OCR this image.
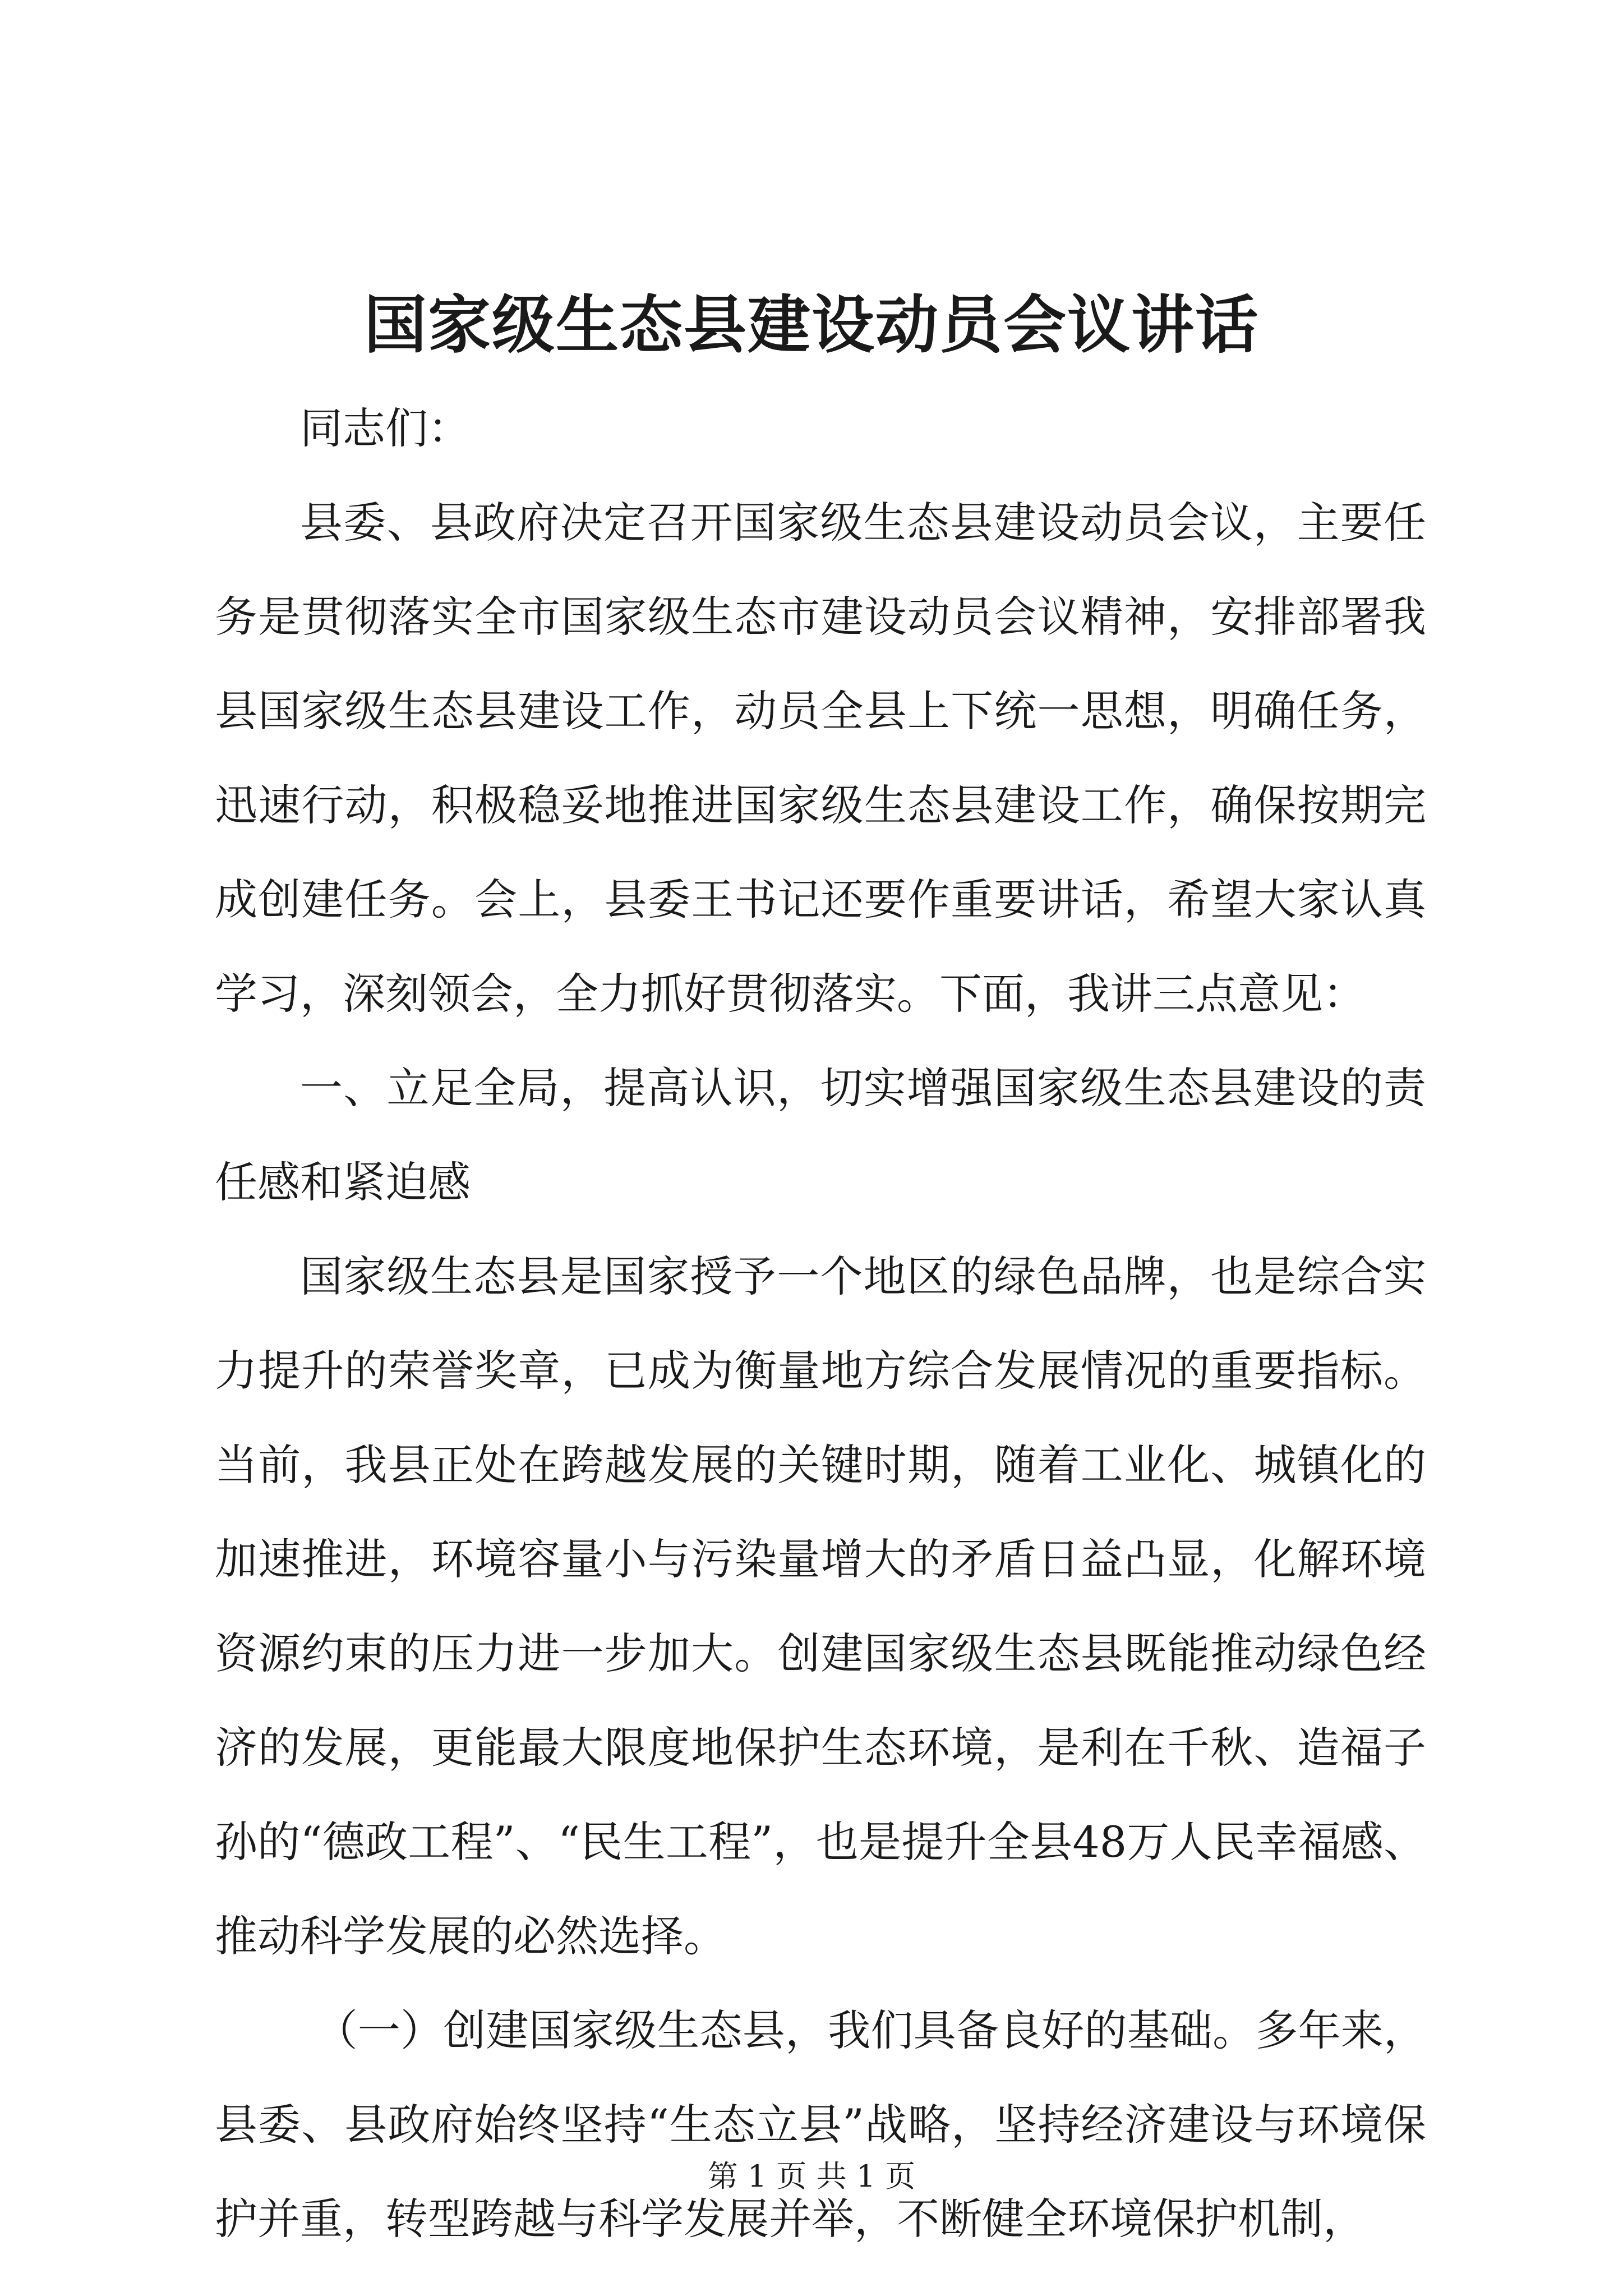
国家级生态县建设动员会议讲话

同志们：

县委、县政府决定召开国家级生态县建设动员会议，主要任务是贯彻落实全市国家级生态市建设动员会议精神，安排部署我县国家级生态县建设工作，动员全县上下统一思想，明确任务，迅速行动，积极稳妥地推进国家级生态县建设工作，确保按期完成创建任务。会上，县委王书记还要作重要讲话，希望大家认真学习，深刻领会，全力抓好贯彻落实。下面，我讲三点意见：

一、立足全局，提高认识，切实增强国家级生态县建设的责任感和紧迫感

国家级生态县是国家授予一个地区的绿色品牌，也是综合实力提升的荣誉奖章，已成为衡量地方综合发展情况的重要指标。当前，我县正处在跨越发展的关键时期，随着工业化、城镇化的加速推进，环境容量小与污染量增大的矛盾日益凸显，化解环境资源约束的压力进一步加大。创建国家级生态县既能推动绿色经济的发展，更能最大限度地保护生态环境，是利在千秋、造福子孙的“德政工程”、“民生工程”，也是提升全县48万人民幸福感、推动科学发展的必然选择。

（一）创建国家级生态县，我们具备良好的基础。多年来，县委、县政府始终坚持“生态立县”战略，坚持经济建设与环境保护并重，转型跨越与科学发展并举，不断健全环境保护机制，

第 1 页 共 1 页
